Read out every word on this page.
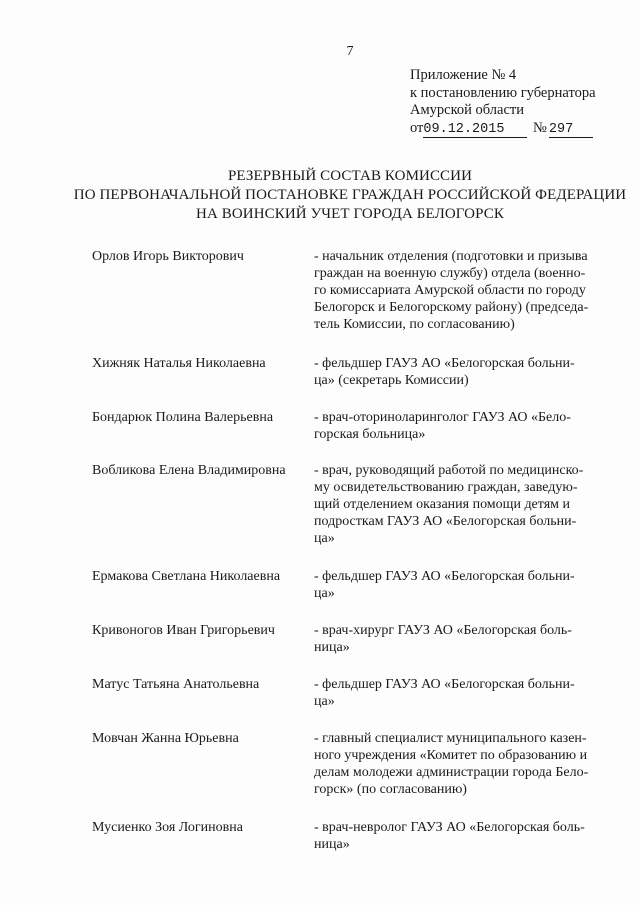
7
Приложение № 4
к постановлению губернатора
Амурской области
от09.12.2015 № 297
РЕЗЕРВНЫЙ СОСТАВ КОМИССИИ
ПО ПЕРВОНАЧАЛЬНОЙ ПОСТАНОВКЕ ГРАЖДАН РОССИЙСКОЙ ФЕДЕРАЦИИ
НА ВОИНСКИЙ УЧЕТ ГОРОДА БЕЛОГОРСК
Орлов Игорь Викторович	- начальник отделения (подготовки и призыва
граждан на военную службу) отдела (военно-
го комиссариата Амурской области по городу
Белогорск и Белогорскому району) (председа-
тель Комиссии, по согласованию)
Хижняк Наталья Николаевна	- фельдшер ГАУЗ АО «Белогорская больни-
ца» (секретарь Комиссии)
Бондарюк Полина Валерьевна	- врач-оториноларинголог ГАУЗ АО «Бело-
горская больница»
Вобликова Елена Владимировна	- врач, руководящий работой по медицинско-
му освидетельствованию граждан, заведую-
щий отделением оказания помощи детям и
подросткам ГАУЗ АО «Белогорская больни-
ца»
Ермакова Светлана Николаевна	- фельдшер ГАУЗ АО «Белогорская больни-
ца»
Кривоногов Иван Григорьевич	- врач-хирург ГАУЗ АО «Белогорская боль-
ница»
Матус Татьяна Анатольевна	- фельдшер ГАУЗ АО «Белогорская больни-
ца»
Мовчан Жанна Юрьевна	- главный специалист муниципального казен-
ного учреждения «Комитет по образованию и
делам молодежи администрации города Бело-
горск» (по согласованию)
Мусиенко Зоя Логиновна	- врач-невролог ГАУЗ АО «Белогорская боль-
ница»
